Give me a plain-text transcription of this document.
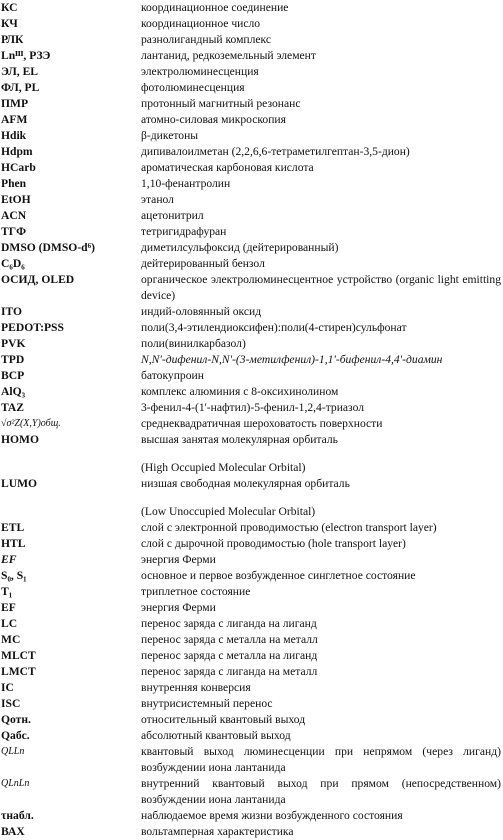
КС	координационное соединение
КЧ	координационное число
РЛК	разнолигандный комплекс
Lnᴵᴵᴵ, РЗЭ	лантанид, редкоземельный элемент
ЭЛ, EL	электролюминесценция
ФЛ, PL	фотолюминесценция
ПМР	протонный магнитный резонанс
AFM	атомно-силовая микроскопия
Hdik	β-дикетоны
Hdpm	дипивалоилметан (2,2,6,6-тетраметилгептан-3,5-дион)
HCarb	ароматическая карбоновая кислота
Phen	1,10-фенантролин
EtOH	этанол
ACN	ацетонитрил
ТГФ	тетригидрафуран
DMSO (DMSO-d⁶)	диметилсульфоксид (дейтерированный)
C₆D₆	дейтерированный бензол
ОСИД, OLED	органическое электролюминесцентное устройство (organic light emitting device)
ITO	индий-оловянный оксид
PEDOT:PSS	поли(3,4-этилендиоксифен):поли(4-стирен)сульфонат
PVK	поли(винилкарбазол)
TPD	N,N'-дифенил-N,N'-(3-метилфенил)-1,1'-бифенил-4,4'-диамин
BCP	батокупроин
AlQ₃	комплекс алюминия с 8-оксихинолином
TAZ	3-фенил-4-(1'-нафтил)-5-фенил-1,2,4-триазол
√σ²Z(X,Y)общ.	среднеквадратичная шероховатость поверхности
HOMO	высшая занятая молекулярная орбиталь
(High Occupied Molecular Orbital)
LUMO	низшая свободная молекулярная орбиталь
(Low Unoccupied Molecular Orbital)
ETL	слой с электронной проводимостью (electron transport layer)
HTL	слой с дырочной проводимостью (hole transport layer)
EF	энергия Ферми
S₀, S₁	основное и первое возбужденное синглетное состояние
T₁	триплетное состояние
EF	энергия Ферми
LC	перенос заряда с лиганда на лиганд
MC	перенос заряда с металла на металл
MLCT	перенос заряда с металла на лиганд
LMCT	перенос заряда с лиганда на металл
IC	внутренняя конверсия
ISC	внутрисистемный перенос
Qотн.	относительный квантовый выход
Qабс.	абсолютный квантовый выход
QLLn	квантовый выход люминесценции при непрямом (через лиганд) возбуждении иона лантанида
QLnLn	внутренний квантовый выход при прямом (непосредственном) возбуждении иона лантанида
τнабл.	наблюдаемое время жизни возбужденного состояния
ВАХ	вольтамперная характеристика
